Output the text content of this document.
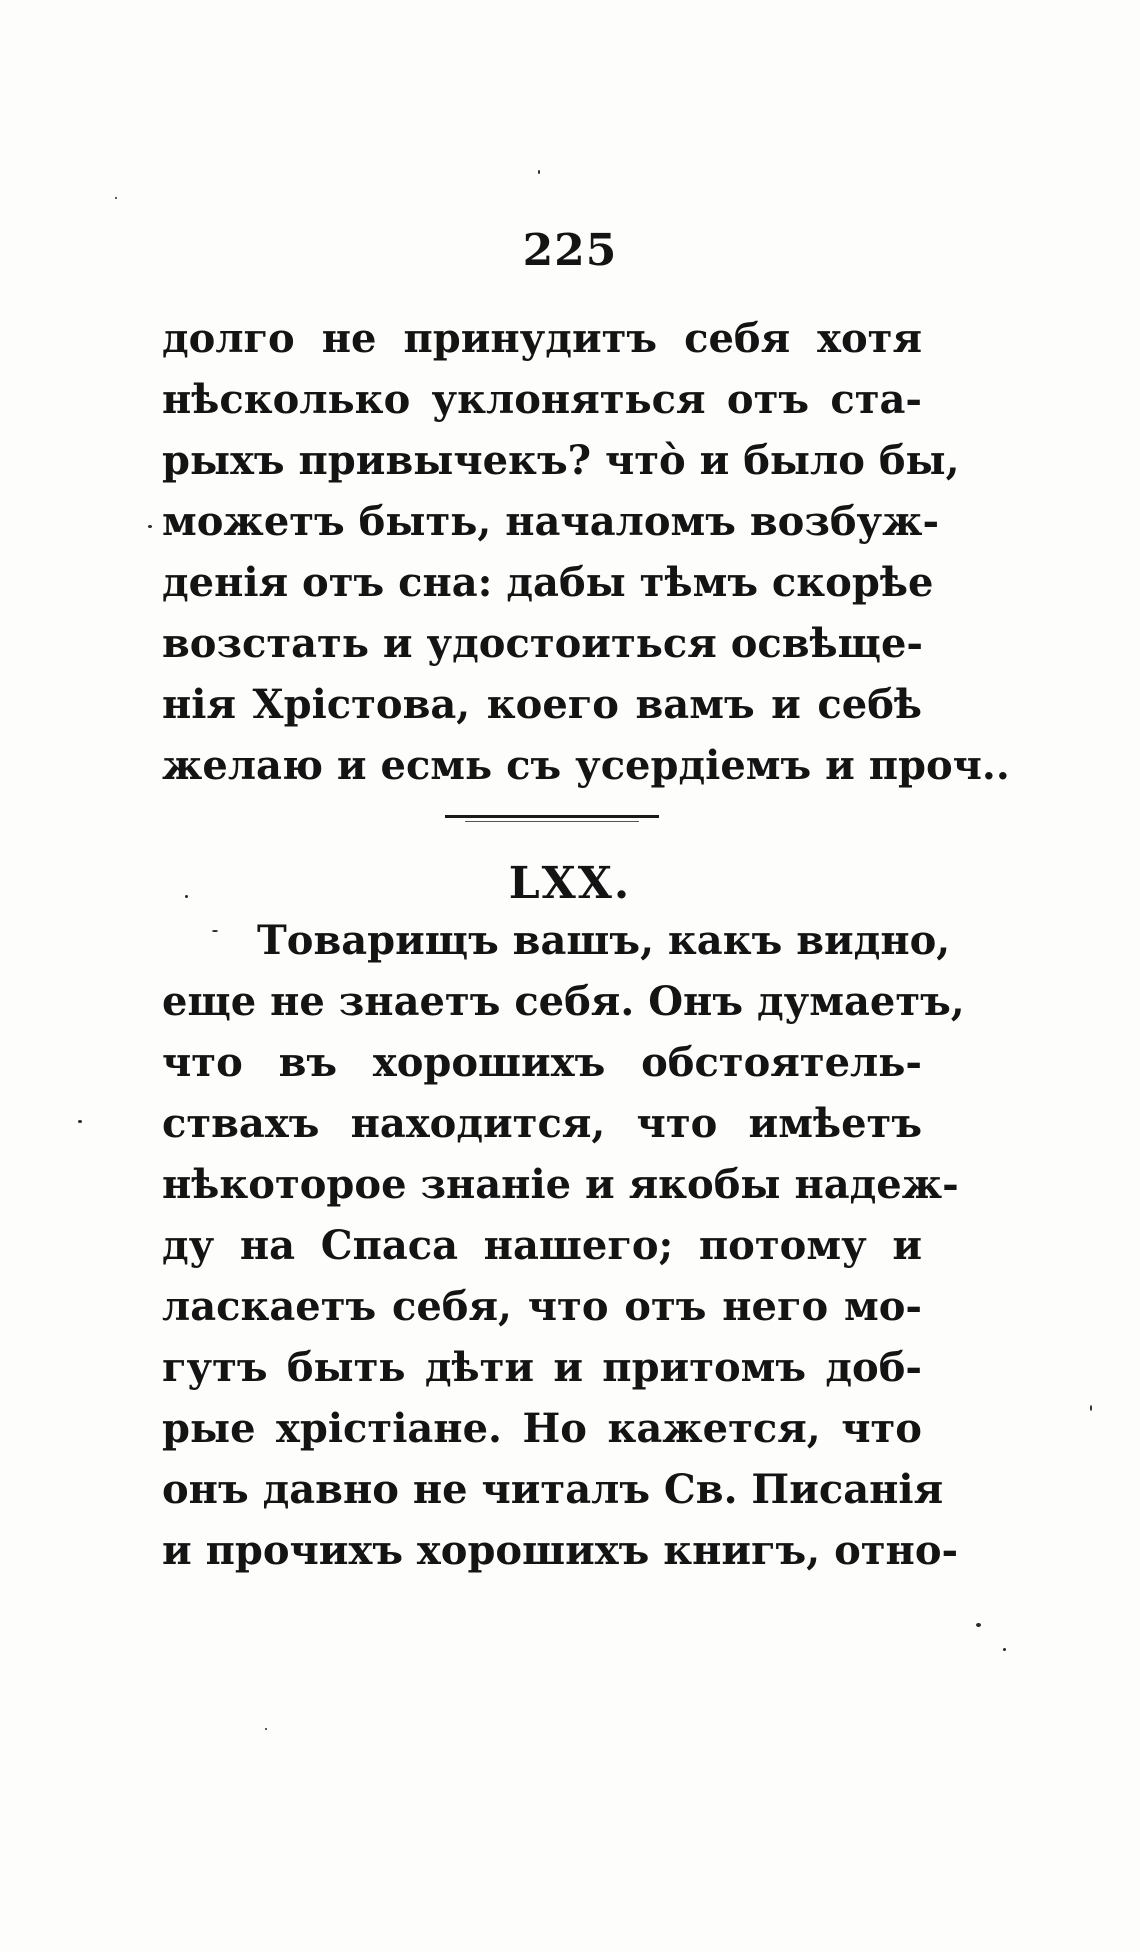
225
долго не принудитъ себя хотя
нѣсколько уклоняться отъ ста-
рыхъ привычекъ? что̀ и было бы,
можетъ быть, началомъ возбуж-
денія отъ сна: дабы тѣмъ скорѣе
возстать и удостоиться освѣще-
нія Хрістова, коего вамъ и себѣ
желаю и есмь съ усердіемъ и проч..
LXX.
Товарищъ вашъ, какъ видно,
еще не знаетъ себя. Онъ думаетъ,
что въ хорошихъ обстоятель-
ствахъ находится, что имѣетъ
нѣкоторое знаніе и якобы надеж-
ду на Спаса нашего; потому и
ласкаетъ себя, что отъ него мо-
гутъ быть дѣти и притомъ доб-
рые хрістіане. Но кажется, что
онъ давно не читалъ Св. Писанія
и прочихъ хорошихъ книгъ, отно-
